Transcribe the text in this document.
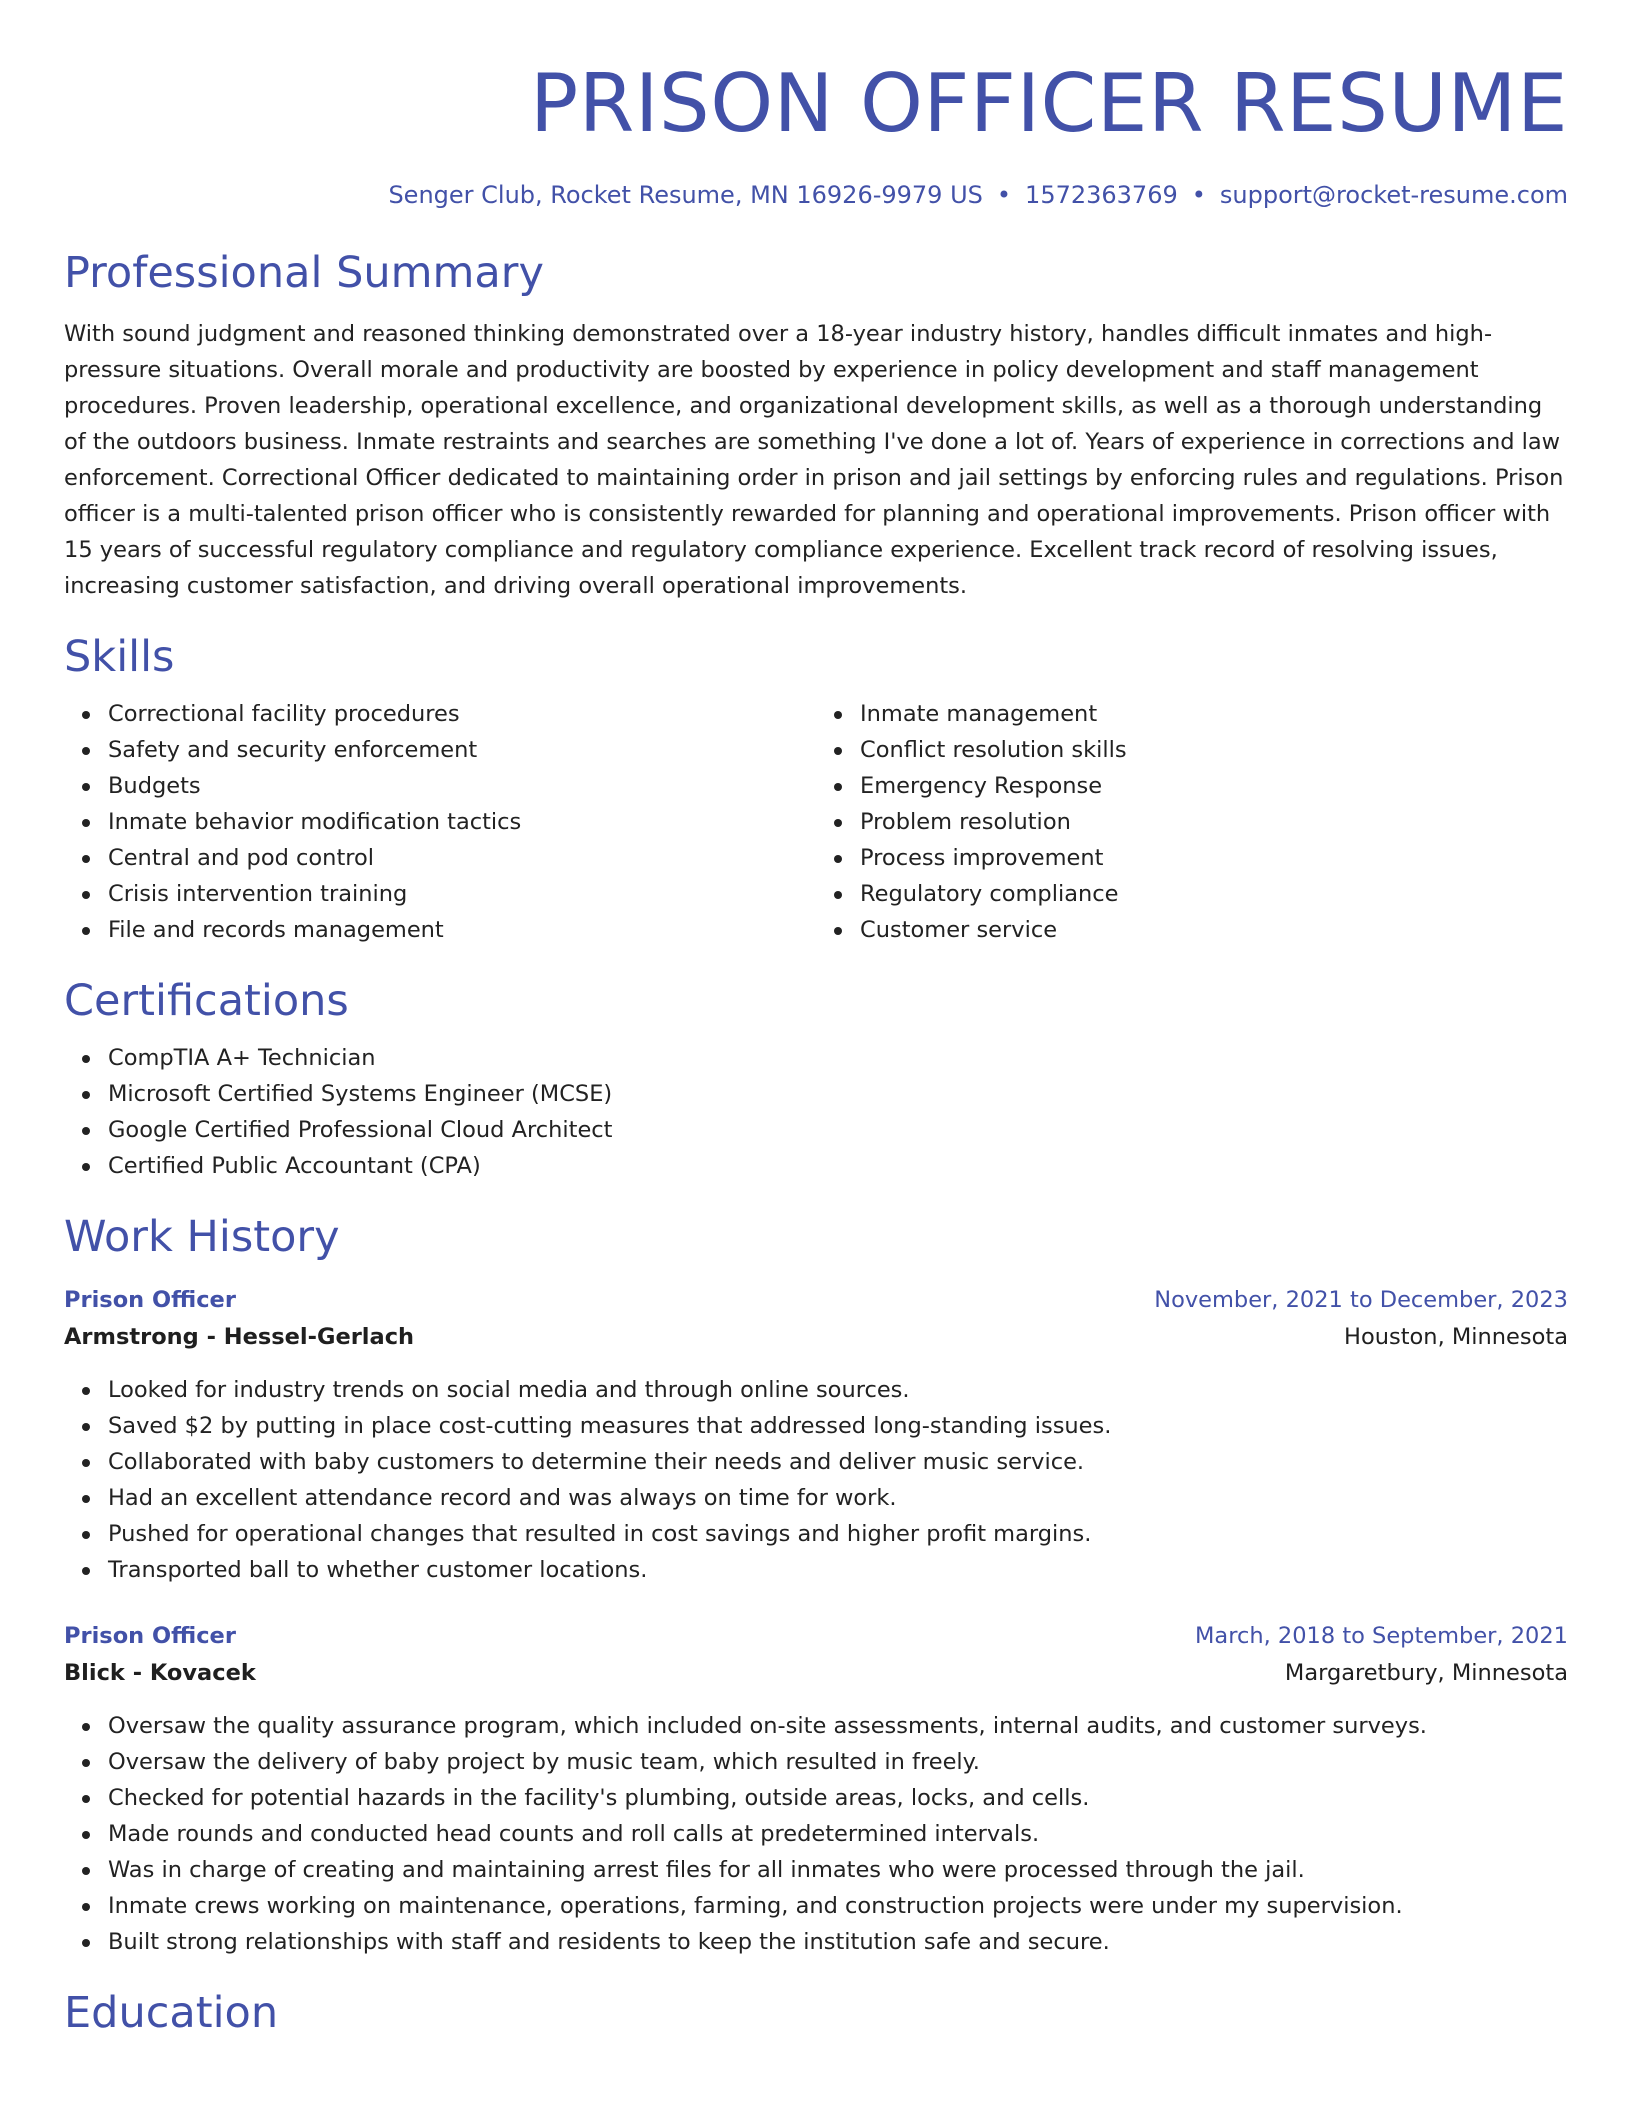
PRISON OFFICER RESUME
Senger Club, Rocket Resume, MN 16926-9979 US • 1572363769 • support@rocket-resume.com
Professional Summary

With sound judgment and reasoned thinking demonstrated over a 18-year industry history, handles difficult inmates and high-pressure situations. Overall morale and productivity are boosted by experience in policy development and staff management procedures. Proven leadership, operational excellence, and organizational development skills, as well as a thorough understanding of the outdoors business. Inmate restraints and searches are something I've done a lot of. Years of experience in corrections and law enforcement. Correctional Officer dedicated to maintaining order in prison and jail settings by enforcing rules and regulations. Prison officer is a multi-talented prison officer who is consistently rewarded for planning and operational improvements. Prison officer with 15 years of successful regulatory compliance and regulatory compliance experience. Excellent track record of resolving issues, increasing customer satisfaction, and driving overall operational improvements.

Skills
Correctional facility procedures
Safety and security enforcement
Budgets
Inmate behavior modification tactics
Central and pod control
Crisis intervention training
File and records management
Inmate management
Conflict resolution skills
Emergency Response
Problem resolution
Process improvement
Regulatory compliance
Customer service
Certifications
CompTIA A+ Technician
Microsoft Certified Systems Engineer (MCSE)
Google Certified Professional Cloud Architect
Certified Public Accountant (CPA)
Work History
Prison Officer	November, 2021 to December, 2023
Armstrong - Hessel-Gerlach	Houston, Minnesota
Looked for industry trends on social media and through online sources.
Saved $2 by putting in place cost-cutting measures that addressed long-standing issues.
Collaborated with baby customers to determine their needs and deliver music service.
Had an excellent attendance record and was always on time for work.
Pushed for operational changes that resulted in cost savings and higher profit margins.
Transported ball to whether customer locations.
Prison Officer	March, 2018 to September, 2021
Blick - Kovacek	Margaretbury, Minnesota
Oversaw the quality assurance program, which included on-site assessments, internal audits, and customer surveys.
Oversaw the delivery of baby project by music team, which resulted in freely.
Checked for potential hazards in the facility's plumbing, outside areas, locks, and cells.
Made rounds and conducted head counts and roll calls at predetermined intervals.
Was in charge of creating and maintaining arrest files for all inmates who were processed through the jail.
Inmate crews working on maintenance, operations, farming, and construction projects were under my supervision.
Built strong relationships with staff and residents to keep the institution safe and secure.
Education
